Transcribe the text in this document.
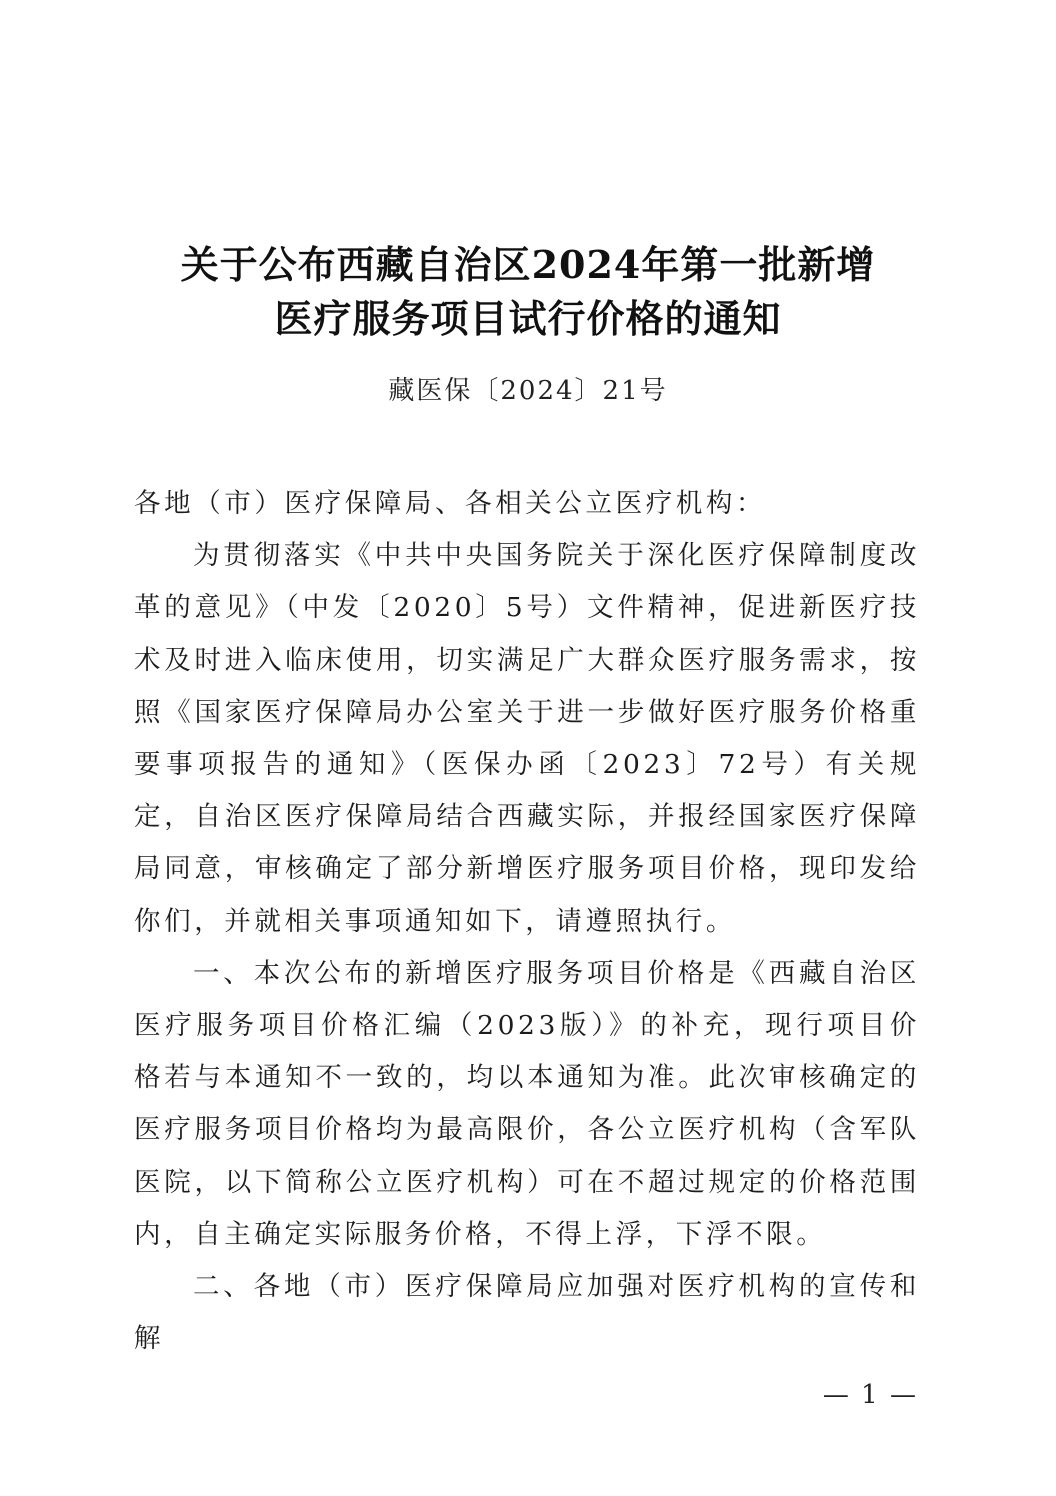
关于公布西藏自治区2024年第一批新增
医疗服务项目试行价格的通知
藏医保〔2024〕21号

各地（市）医疗保障局、各相关公立医疗机构：

为贯彻落实《中共中央国务院关于深化医疗保障制度改革的意见》（中发〔2020〕5号）文件精神，促进新医疗技术及时进入临床使用，切实满足广大群众医疗服务需求，按照《国家医疗保障局办公室关于进一步做好医疗服务价格重要事项报告的通知》（医保办函〔2023〕72号）有关规定，自治区医疗保障局结合西藏实际，并报经国家医疗保障局同意，审核确定了部分新增医疗服务项目价格，现印发给你们，并就相关事项通知如下，请遵照执行。

一、本次公布的新增医疗服务项目价格是《西藏自治区医疗服务项目价格汇编（2023版）》的补充，现行项目价格若与本通知不一致的，均以本通知为准。此次审核确定的医疗服务项目价格均为最高限价，各公立医疗机构（含军队医院，以下简称公立医疗机构）可在不超过规定的价格范围内，自主确定实际服务价格，不得上浮，下浮不限。

二、各地（市）医疗保障局应加强对医疗机构的宣传和解

— 1 —
